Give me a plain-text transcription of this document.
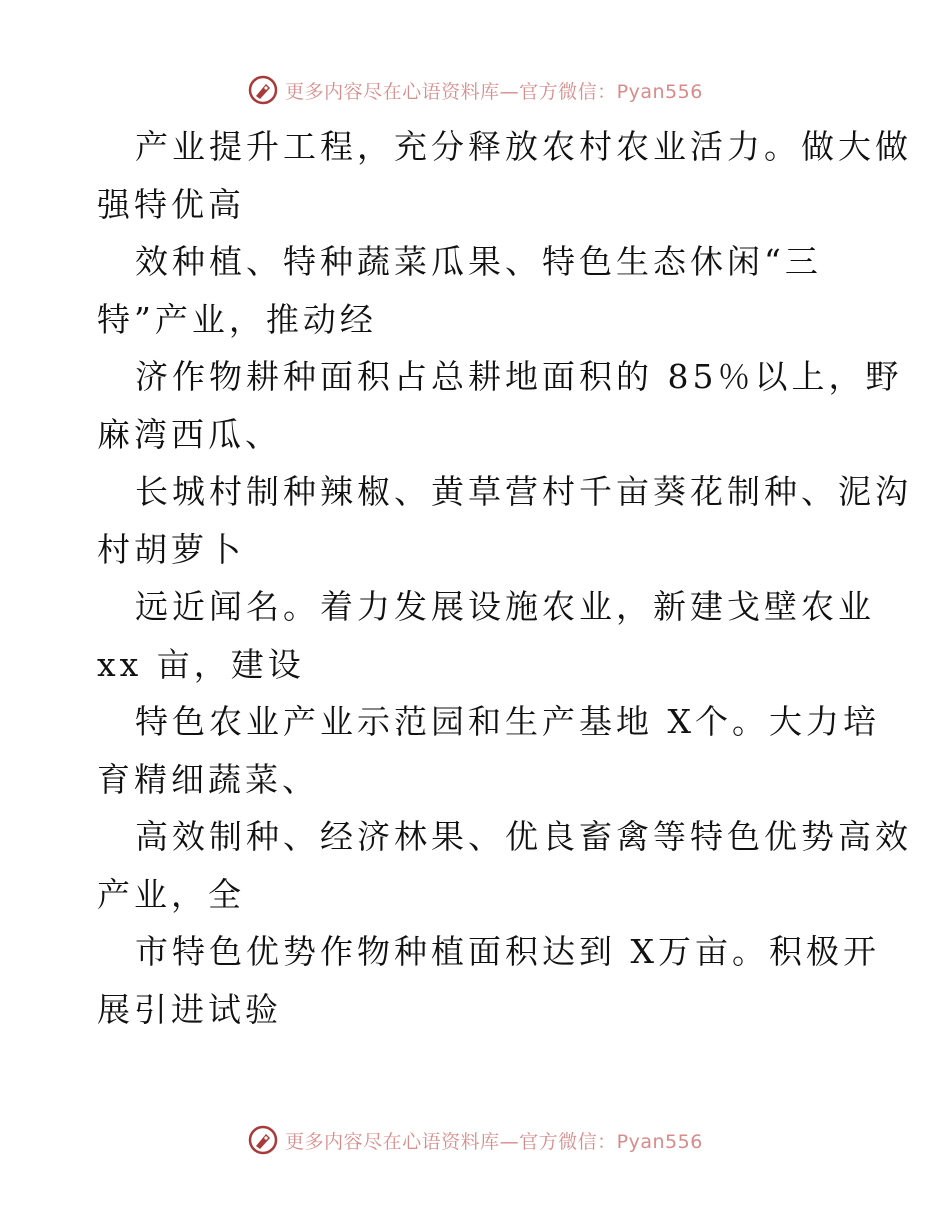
更多内容尽在心语资料库—官方微信：Pyan556
产业提升工程，充分释放农村农业活力。做大做
强特优高
效种植、特种蔬菜瓜果、特色生态休闲“三
特”产业，推动经
济作物耕种面积占总耕地面积的 85％以上，野
麻湾西瓜、
长城村制种辣椒、黄草营村千亩葵花制种、泥沟
村胡萝卜
远近闻名。着力发展设施农业，新建戈壁农业
xx 亩，建设
特色农业产业示范园和生产基地 X个。大力培
育精细蔬菜、
高效制种、经济林果、优良畜禽等特色优势高效
产业，全
市特色优势作物种植面积达到 X万亩。积极开
展引进试验
更多内容尽在心语资料库—官方微信：Pyan556
